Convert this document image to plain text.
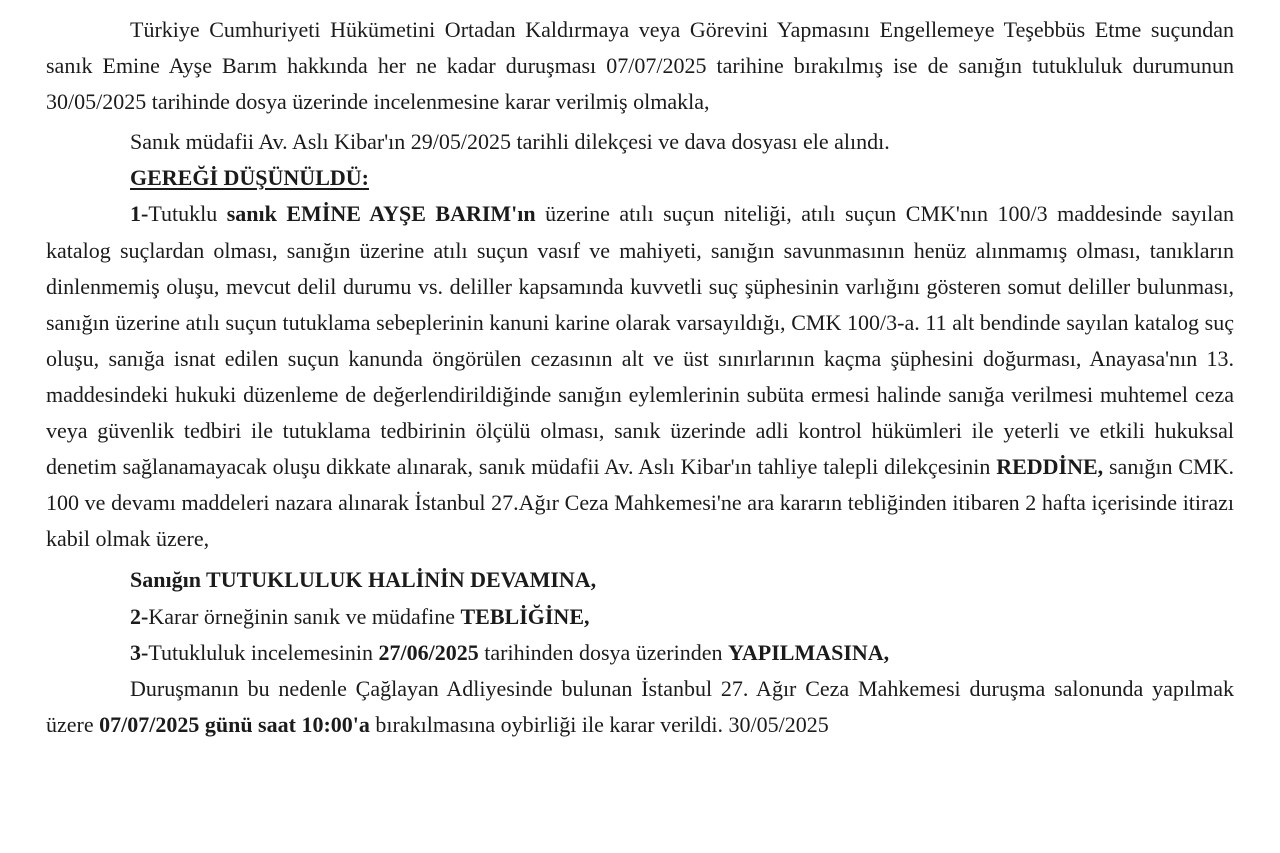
Türkiye Cumhuriyeti Hükümetini Ortadan Kaldırmaya veya Görevini Yapmasını Engellemeye Teşebbüs Etme suçundan sanık Emine Ayşe Barım hakkında her ne kadar duruşması 07/07/2025 tarihine bırakılmış ise de sanığın tutukluluk durumunun 30/05/2025 tarihinde dosya üzerinde incelenmesine karar verilmiş olmakla,

Sanık müdafii Av. Aslı Kibar'ın 29/05/2025 tarihli dilekçesi ve dava dosyası ele alındı.

GEREĞİ DÜŞÜNÜLDÜ:

1-Tutuklu sanık EMİNE AYŞE BARIM'ın üzerine atılı suçun niteliği, atılı suçun CMK'nın 100/3 maddesinde sayılan katalog suçlardan olması, sanığın üzerine atılı suçun vasıf ve mahiyeti, sanığın savunmasının henüz alınmamış olması, tanıkların dinlenmemiş oluşu, mevcut delil durumu vs. deliller kapsamında kuvvetli suç şüphesinin varlığını gösteren somut deliller bulunması, sanığın üzerine atılı suçun tutuklama sebeplerinin kanuni karine olarak varsayıldığı, CMK 100/3-a. 11 alt bendinde sayılan katalog suç oluşu, sanığa isnat edilen suçun kanunda öngörülen cezasının alt ve üst sınırlarının kaçma şüphesini doğurması, Anayasa'nın 13. maddesindeki hukuki düzenleme de değerlendirildiğinde sanığın eylemlerinin subüta ermesi halinde sanığa verilmesi muhtemel ceza veya güvenlik tedbiri ile tutuklama tedbirinin ölçülü olması, sanık üzerinde adli kontrol hükümleri ile yeterli ve etkili hukuksal denetim sağlanamayacak oluşu dikkate alınarak, sanık müdafii Av. Aslı Kibar'ın tahliye talepli dilekçesinin REDDİNE, sanığın CMK. 100 ve devamı maddeleri nazara alınarak İstanbul 27.Ağır Ceza Mahkemesi'ne ara kararın tebliğinden itibaren 2 hafta içerisinde itirazı kabil olmak üzere,

Sanığın TUTUKLULUK HALİNİN DEVAMINA,

2-Karar örneğinin sanık ve müdafine TEBLİĞİNE,

3-Tutukluluk incelemesinin 27/06/2025 tarihinden dosya üzerinden YAPILMASINA,

Duruşmanın bu nedenle Çağlayan Adliyesinde bulunan İstanbul 27. Ağır Ceza Mahkemesi duruşma salonunda yapılmak üzere 07/07/2025 günü saat 10:00'a bırakılmasına oybirliği ile karar verildi. 30/05/2025
